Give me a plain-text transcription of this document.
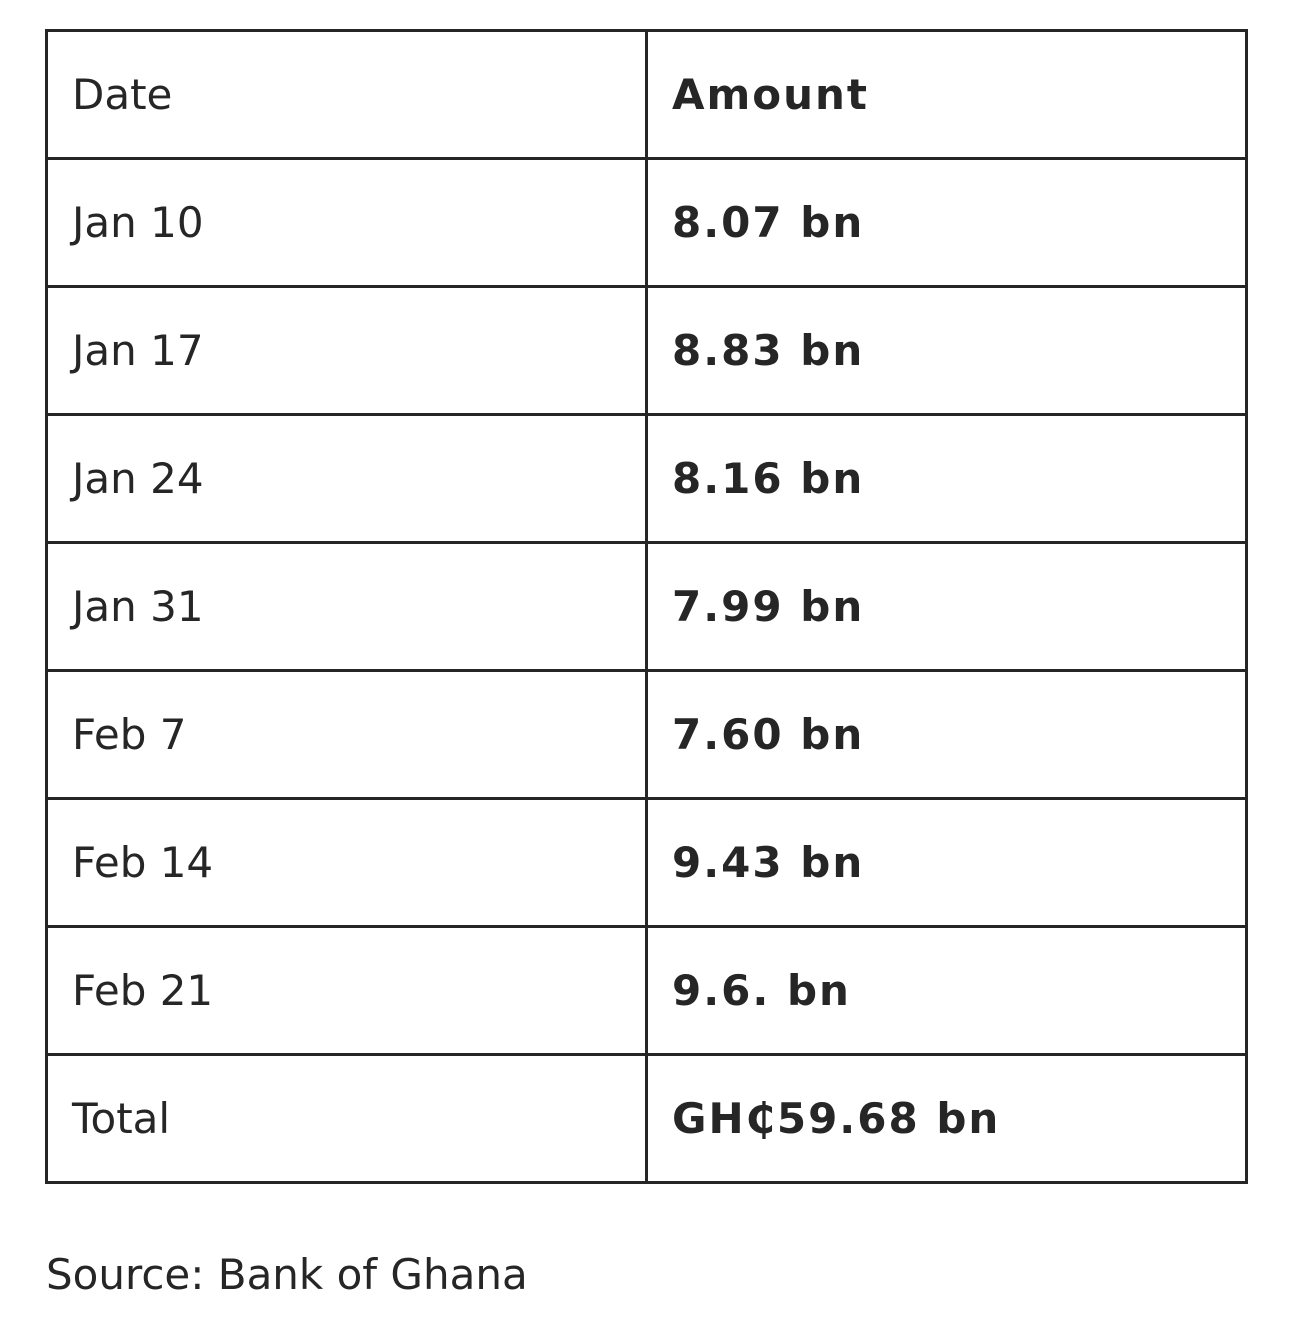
Date	Amount
Jan 10	8.07 bn
Jan 17	8.83 bn
Jan 24	8.16 bn
Jan 31	7.99 bn
Feb 7	7.60 bn
Feb 14	9.43 bn
Feb 21	9.6. bn
Total	GH₵59.68 bn
Source: Bank of Ghana
